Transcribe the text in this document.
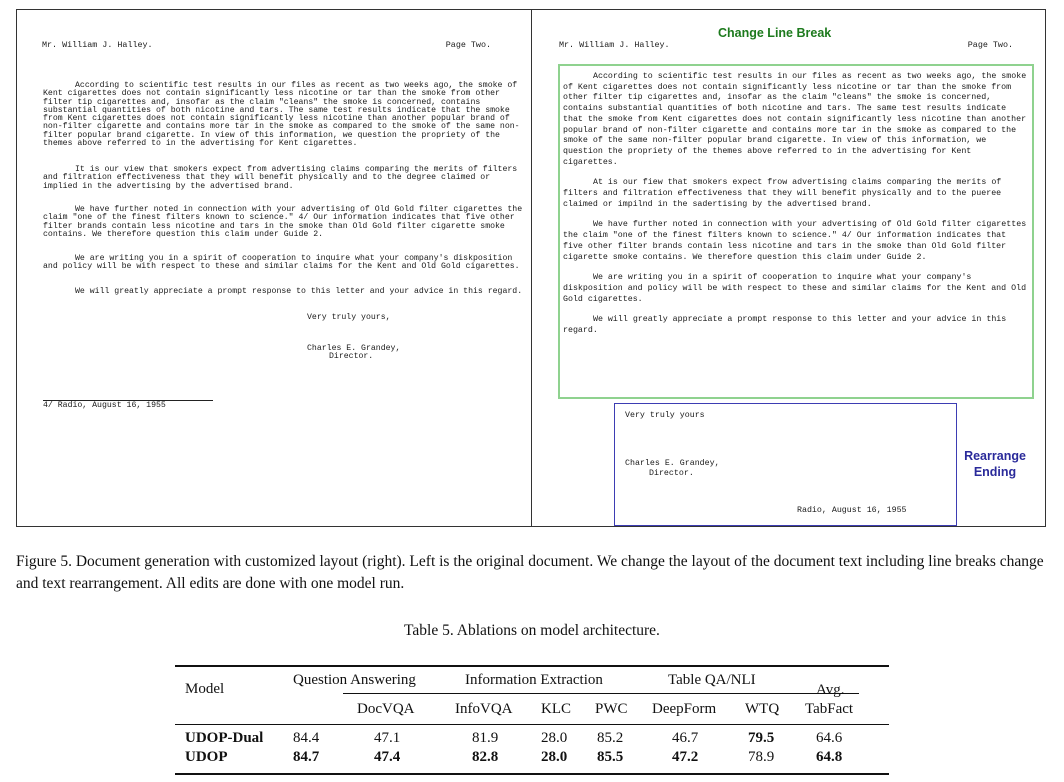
Mr. William J. Halley.	Page Two.
According to scientific test results in our files as recent as two weeks ago, the smoke of Kent cigarettes does not contain significantly less nicotine or tar than the smoke from other filter tip cigarettes and, insofar as the claim "cleans" the smoke is concerned, contains substantial quantities of both nicotine and tars. The same test results indicate that the smoke from Kent cigarettes does not contain significantly less nicotine than another popular brand of non-filter cigarette and contains more tar in the smoke as compared to the smoke of the same non-filter popular brand cigarette. In view of this information, we question the propriety of the themes above referred to in the advertising for Kent cigarettes.
It is our view that smokers expect from advertising claims comparing the merits of filters and filtration effectiveness that they will benefit physically and to the degree claimed or implied in the advertising by the advertised brand.
We have further noted in connection with your advertising of Old Gold filter cigarettes the claim "one of the finest filters known to science." 4/ Our information indicates that five other filter brands contain less nicotine and tars in the smoke than Old Gold filter cigarette smoke contains. We therefore question this claim under Guide 2.
We are writing you in a spirit of cooperation to inquire what your company's diskposition and policy will be with respect to these and similar claims for the Kent and Old Gold cigarettes.
We will greatly appreciate a prompt response to this letter and your advice in this regard.
Very truly yours,
Charles E. Grandey,
Director.
4/ Radio, August 16, 1955
Change Line Break
Mr. William J. Halley.	Page Two.
According to scientific test results in our files as recent as two weeks ago, the smoke of Kent cigarettes does not contain significantly less nicotine or tar than the smoke from other filter tip cigarettes and, insofar as the claim "cleans" the smoke is concerned, contains substantial quantities of both nicotine and tars. The same test results indicate that the smoke from Kent cigarettes does not contain significantly less nicotine than another popular brand of non-filter cigarette and contains more tar in the smoke as compared to the smoke of the same non-filter popular brand cigarette. In view of this information, we question the propriety of the themes above referred to in the advertising for Kent cigarettes.
At is our fiew that smokers expect frow advertising claims comparing the merits of filters and filtration effectiveness that they will benefit physically and to the pueree claimed or impilnd in the sadertising by the advertised brand.
We have further noted in connection with your advertising of Old Gold filter cigarettes the claim "one of the finest filters known to science." 4/ Our information indicates that five other filter brands contain less nicotine and tars in the smoke than Old Gold filter cigarette smoke contains. We therefore question this claim under Guide 2.
We are writing you in a spirit of cooperation to inquire what your company's diskposition and policy will be with respect to these and similar claims for the Kent and Old Gold cigarettes.
We will greatly appreciate a prompt response to this letter and your advice in this regard.
Very truly yours
Charles E. Grandey,
Director.
Radio, August 16, 1955
Rearrange Ending
Figure 5. Document generation with customized layout (right). Left is the original document. We change the layout of the document text including line breaks change and text rearrangement. All edits are done with one model run.
Table 5. Ablations on model architecture.
Model
Question Answering	Information Extraction	Table QA/NLI
Avg.
DocVQA	InfoVQA KLC PWC DeepForm WTQ TabFact
UDOP-Dual 84.4	47.1	81.9	28.0 85.2	46.7	79.5	64.6
UDOP	84.7	47.4	82.8	28.0 85.5	47.2	78.9	64.8
